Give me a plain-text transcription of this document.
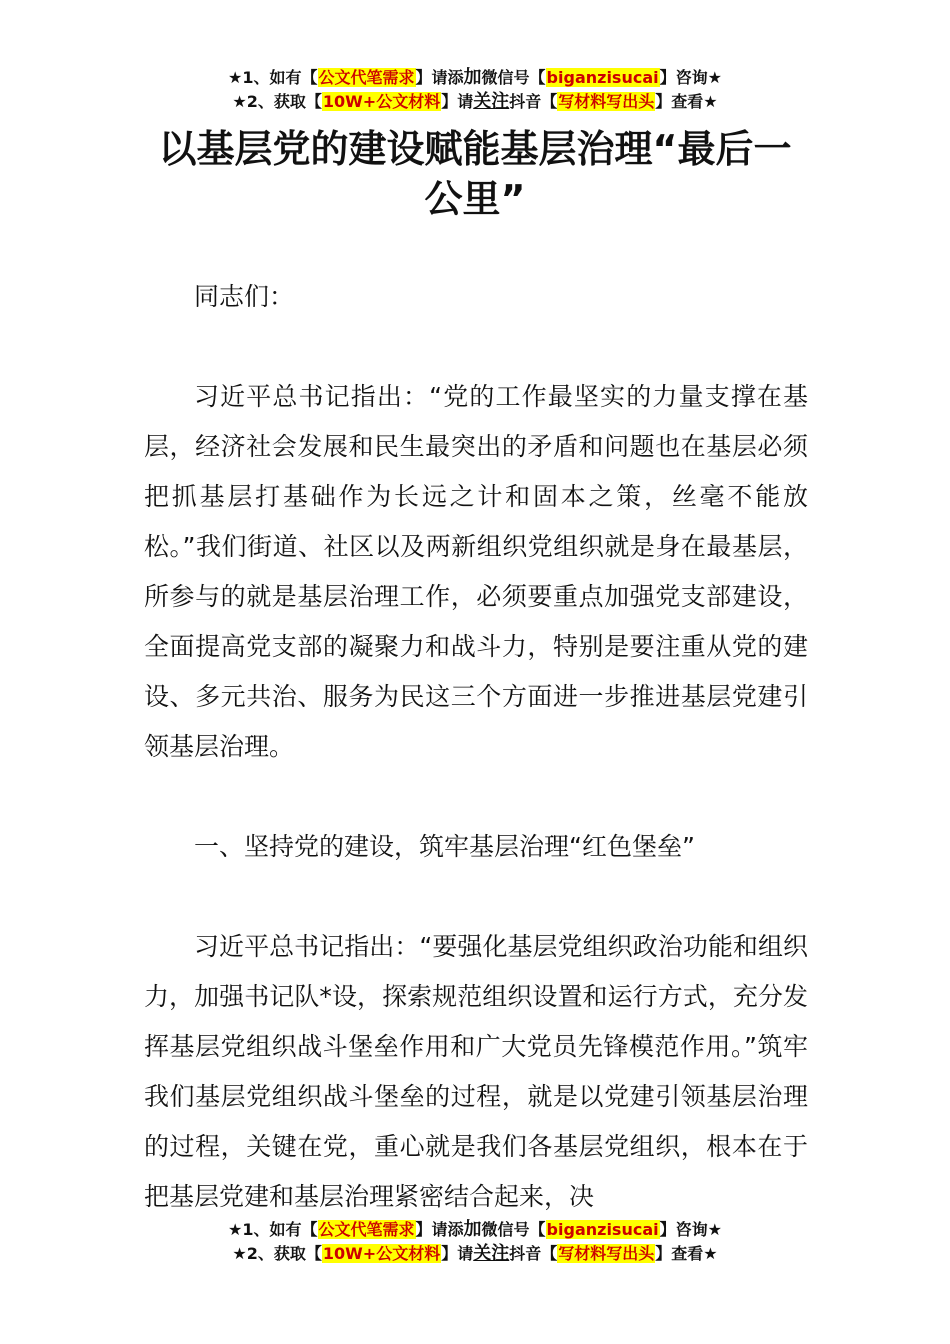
★1、如有【公文代笔需求】请添加微信号【biganzisucai】咨询★
★2、获取【10W+公文材料】请关注抖音【写材料写出头】查看★
以基层党的建设赋能基层治理“最后一公里”

同志们：

习近平总书记指出：“党的工作最坚实的力量支撑在基层，经济社会发展和民生最突出的矛盾和问题也在基层必须把抓基层打基础作为长远之计和固本之策，丝毫不能放松。”我们街道、社区以及两新组织党组织就是身在最基层，所参与的就是基层治理工作，必须要重点加强党支部建设，全面提高党支部的凝聚力和战斗力，特别是要注重从党的建设、多元共治、服务为民这三个方面进一步推进基层党建引领基层治理。

一、坚持党的建设，筑牢基层治理“红色堡垒”

习近平总书记指出：“要强化基层党组织政治功能和组织力，加强书记队*设，探索规范组织设置和运行方式，充分发挥基层党组织战斗堡垒作用和广大党员先锋模范作用。”筑牢我们基层党组织战斗堡垒的过程，就是以党建引领基层治理的过程，关键在党，重心就是我们各基层党组织，根本在于把基层党建和基层治理紧密结合起来，决

★1、如有【公文代笔需求】请添加微信号【biganzisucai】咨询★
★2、获取【10W+公文材料】请关注抖音【写材料写出头】查看★
